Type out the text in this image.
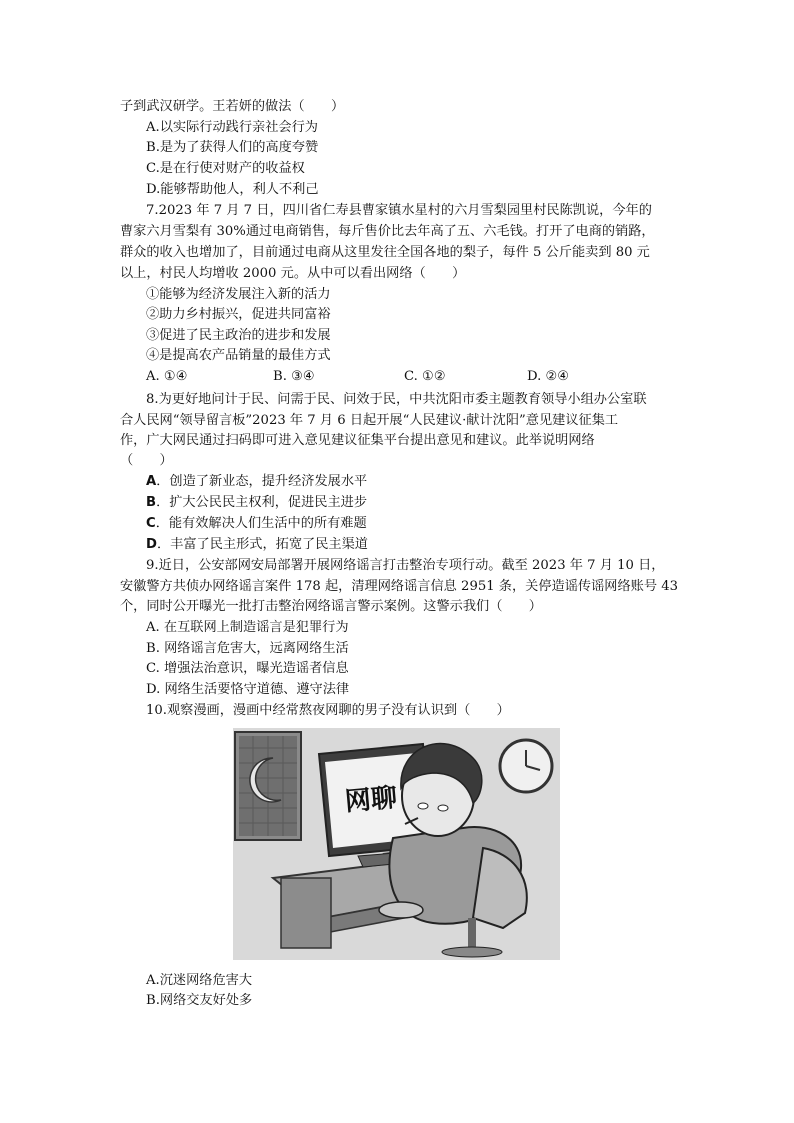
子到武汉研学。王若妍的做法（　　）
A.以实际行动践行亲社会行为
B.是为了获得人们的高度夸赞
C.是在行使对财产的收益权
D.能够帮助他人，利人不利己
7.2023 年 7 月 7 日，四川省仁寿县曹家镇水星村的六月雪梨园里村民陈凯说，今年的
曹家六月雪梨有 30%通过电商销售，每斤售价比去年高了五、六毛钱。打开了电商的销路，
群众的收入也增加了，目前通过电商从这里发往全国各地的梨子，每件 5 公斤能卖到 80 元
以上，村民人均增收 2000 元。从中可以看出网络（　　）
①能够为经济发展注入新的活力
②助力乡村振兴，促进共同富裕
③促进了民主政治的进步和发展
④是提高农产品销量的最佳方式
A. ①④	B. ③④	C. ①②	D. ②④
8.为更好地问计于民、问需于民、问效于民，中共沈阳市委主题教育领导小组办公室联
合人民网“领导留言板”2023 年 7 月 6 日起开展“人民建议·献计沈阳”意见建议征集工
作，广大网民通过扫码即可进入意见建议征集平台提出意见和建议。此举说明网络
（　　）
A．创造了新业态，提升经济发展水平
B．扩大公民民主权利，促进民主进步
C．能有效解决人们生活中的所有难题
D．丰富了民主形式，拓宽了民主渠道
9.近日，公安部网安局部署开展网络谣言打击整治专项行动。截至 2023 年 7 月 10 日，
安徽警方共侦办网络谣言案件 178 起，清理网络谣言信息 2951 条，关停造谣传谣网络账号 43
个，同时公开曝光一批打击整治网络谣言警示案例。这警示我们（　　）
A. 在互联网上制造谣言是犯罪行为
B. 网络谣言危害大，远离网络生活
C. 增强法治意识，曝光造谣者信息
D. 网络生活要恪守道德、遵守法律
10.观察漫画，漫画中经常熬夜网聊的男子没有认识到（　　）
网聊
A.沉迷网络危害大
B.网络交友好处多
